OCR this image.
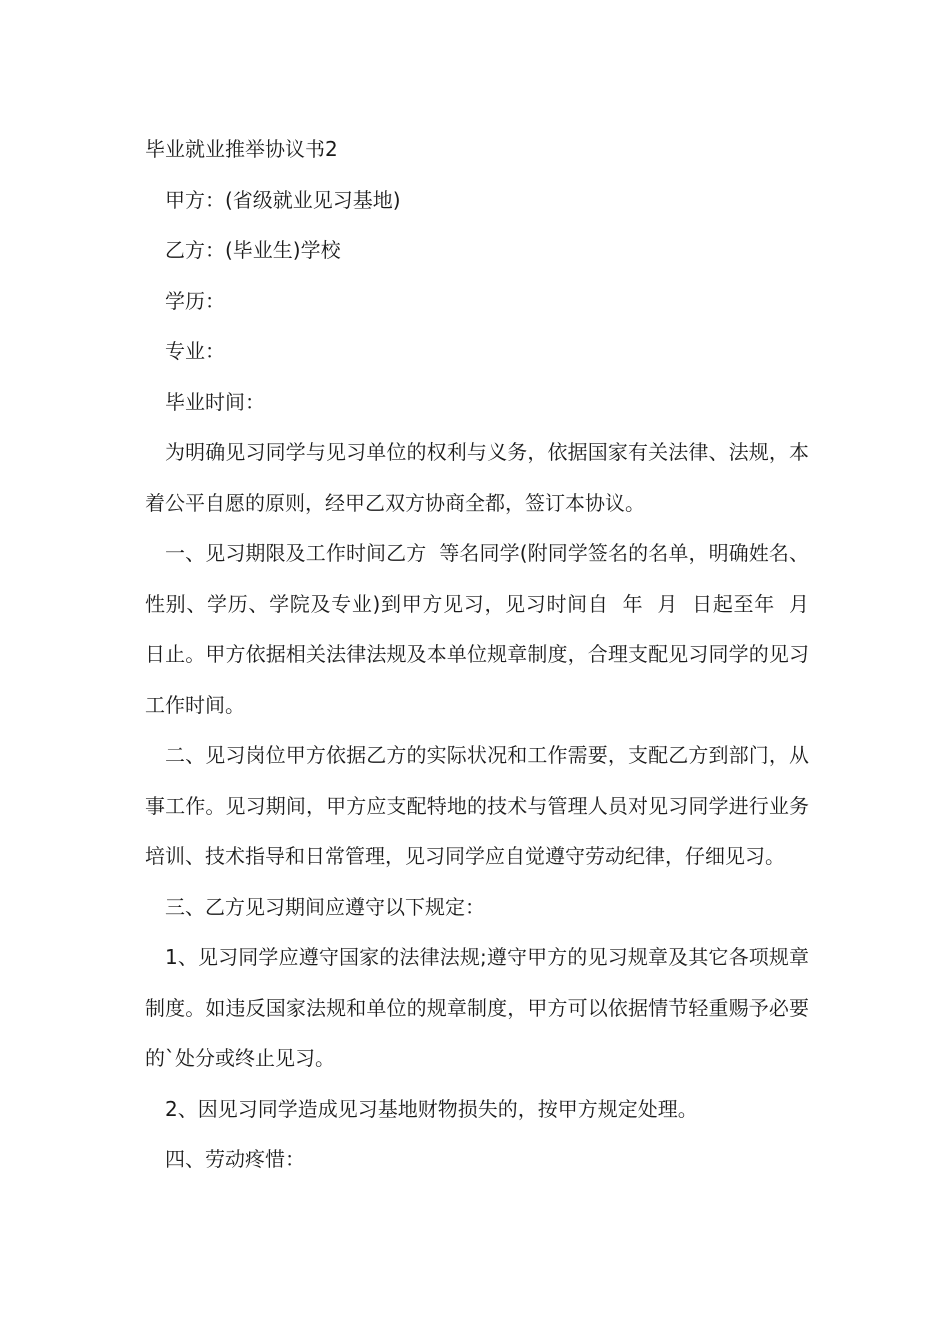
毕业就业推举协议书2

甲方：(省级就业见习基地)

乙方：(毕业生)学校

学历：

专业：

毕业时间：

为明确见习同学与见习单位的权利与义务，依据国家有关法律、法规，本着公平自愿的原则，经甲乙双方协商全都，签订本协议。

一、见习期限及工作时间乙方  等名同学(附同学签名的名单，明确姓名、性别、学历、学院及专业)到甲方见习，见习时间自  年  月  日起至年  月  日止。甲方依据相关法律法规及本单位规章制度，合理支配见习同学的见习工作时间。

二、见习岗位甲方依据乙方的实际状况和工作需要，支配乙方到部门，从事工作。见习期间，甲方应支配特地的技术与管理人员对见习同学进行业务培训、技术指导和日常管理，见习同学应自觉遵守劳动纪律，仔细见习。

三、乙方见习期间应遵守以下规定：

1、见习同学应遵守国家的法律法规;遵守甲方的见习规章及其它各项规章制度。如违反国家法规和单位的规章制度，甲方可以依据情节轻重赐予必要的`处分或终止见习。

2、因见习同学造成见习基地财物损失的，按甲方规定处理。

四、劳动疼惜：
